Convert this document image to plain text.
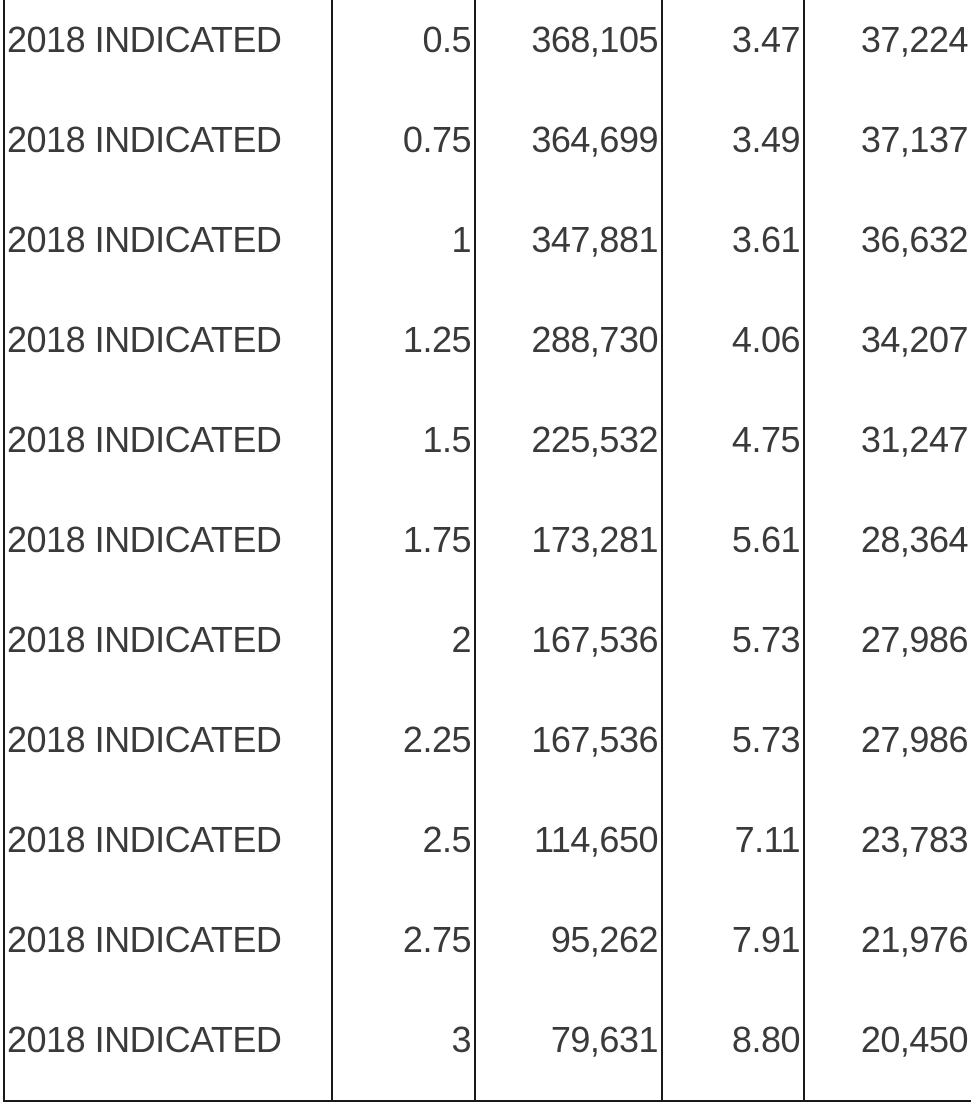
2018 INDICATED	0.5	368,105	3.47	37,224

2018 INDICATED	0.75	364,699	3.49	37,137

2018 INDICATED	1	347,881	3.61	36,632

2018 INDICATED	1.25	288,730	4.06	34,207

2018 INDICATED	1.5	225,532	4.75	31,247

2018 INDICATED	1.75	173,281	5.61	28,364

2018 INDICATED	2	167,536	5.73	27,986

2018 INDICATED	2.25	167,536	5.73	27,986

2018 INDICATED	2.5	114,650	7.11	23,783

2018 INDICATED	2.75	95,262	7.91	21,976

2018 INDICATED	3	79,631	8.80	20,450
